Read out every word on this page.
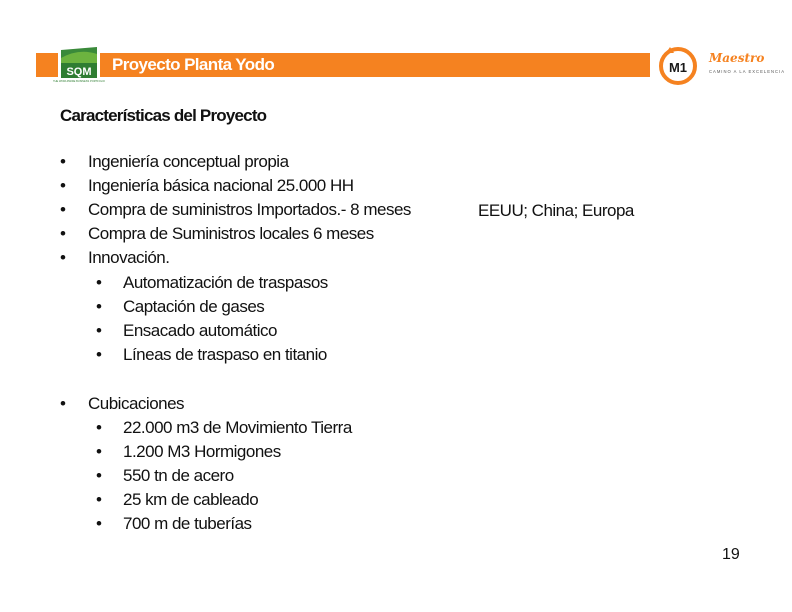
SQM
THE WORLDWIDE BUSINESS PORTFOLIO
Proyecto Planta Yodo	M1
Maestro
CAMINO A LA EXCELENCIA
Características del Proyecto
• Ingeniería conceptual propia
• Ingeniería básica nacional 25.000 HH
• Compra de suministros Importados.- 8 meses
• Compra de Suministros locales 6 meses
• Innovación.
EEUU; China; Europa
• Automatización de traspasos
• Captación de gases
• Ensacado automático
• Líneas de traspaso en titanio
• Cubicaciones
• 22.000 m3 de Movimiento Tierra
• 1.200 M3 Hormigones
• 550 tn de acero
• 25 km de cableado
• 700 m de tuberías
19
